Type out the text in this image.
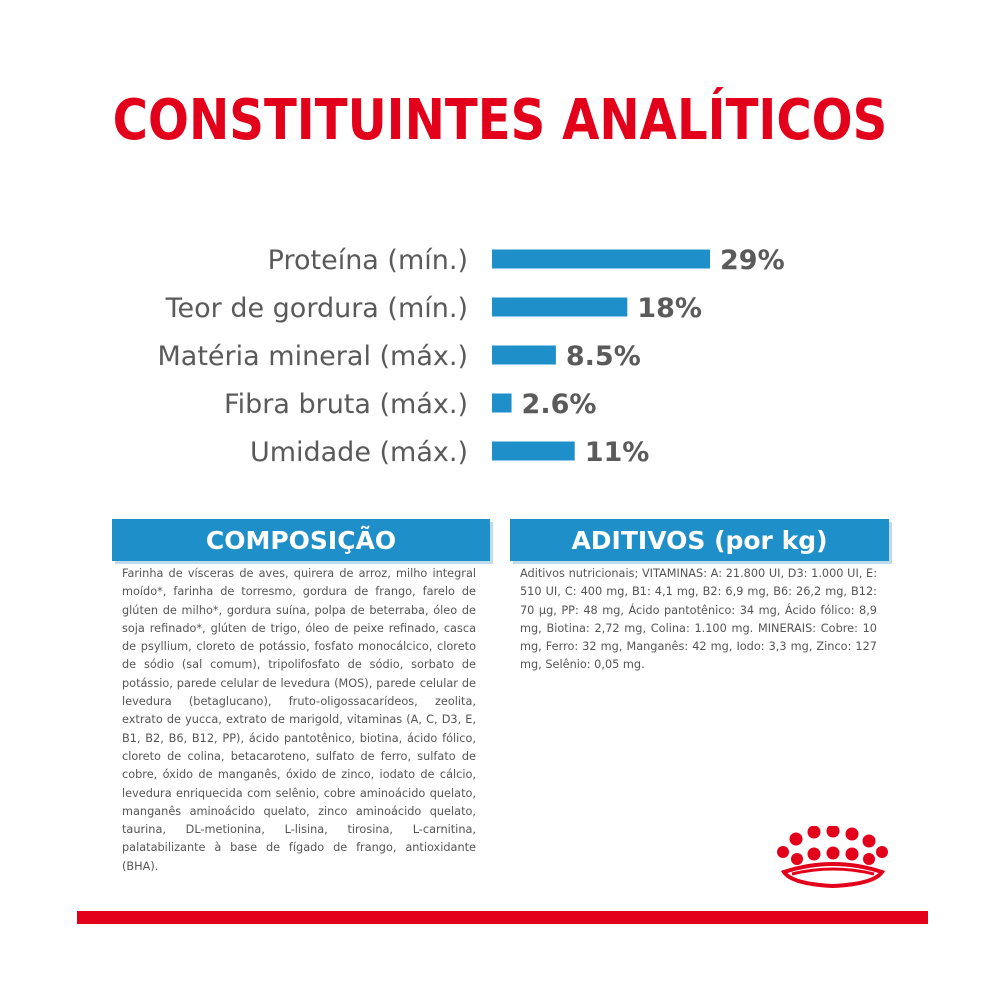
CONSTITUINTES ANALÍTICOS
Proteína (mín.)	29%
Teor de gordura (mín.)	18%
Matéria mineral (máx.)	8.5%
Fibra bruta (máx.) 2.6%
Umidade (máx.)	11%
COMPOSIÇÃO
Farinha de vísceras de aves, quirera de arroz, milho integral moído*, farinha de torresmo, gordura de frango, farelo de glúten de milho*, gordura suína, polpa de beterraba, óleo de soja refinado*, glúten de trigo, óleo de peixe refinado, casca de psyllium, cloreto de potássio, fosfato monocálcico, cloreto de sódio (sal comum), tripolifosfato de sódio, sorbato de potássio, parede celular de levedura (MOS), parede celular de levedura (betaglucano), fruto-oligossacarídeos, zeolita, extrato de yucca, extrato de marigold, vitaminas (A, C, D3, E, B1, B2, B6, B12, PP), ácido pantotênico, biotina, ácido fólico, cloreto de colina, betacaroteno, sulfato de ferro, sulfato de cobre, óxido de manganês, óxido de zinco, iodato de cálcio, levedura enriquecida com selênio, cobre aminoácido quelato, manganês aminoácido quelato, zinco aminoácido quelato, taurina, DL-metionina, L-lisina, tirosina, L-carnitina, palatabilizante à base de fígado de frango, antioxidante (BHA).
ADITIVOS (por kg)
Aditivos nutricionais; VITAMINAS: A: 21.800 UI, D3: 1.000 UI, E: 510 UI, C: 400 mg, B1: 4,1 mg, B2: 6,9 mg, B6: 26,2 mg, B12: 70 µg, PP: 48 mg, Ácido pantotênico: 34 mg, Ácido fólico: 8,9 mg, Biotina: 2,72 mg, Colina: 1.100 mg. MINERAIS: Cobre: 10 mg, Ferro: 32 mg, Manganês: 42 mg, Iodo: 3,3 mg, Zinco: 127 mg, Selênio: 0,05 mg.
